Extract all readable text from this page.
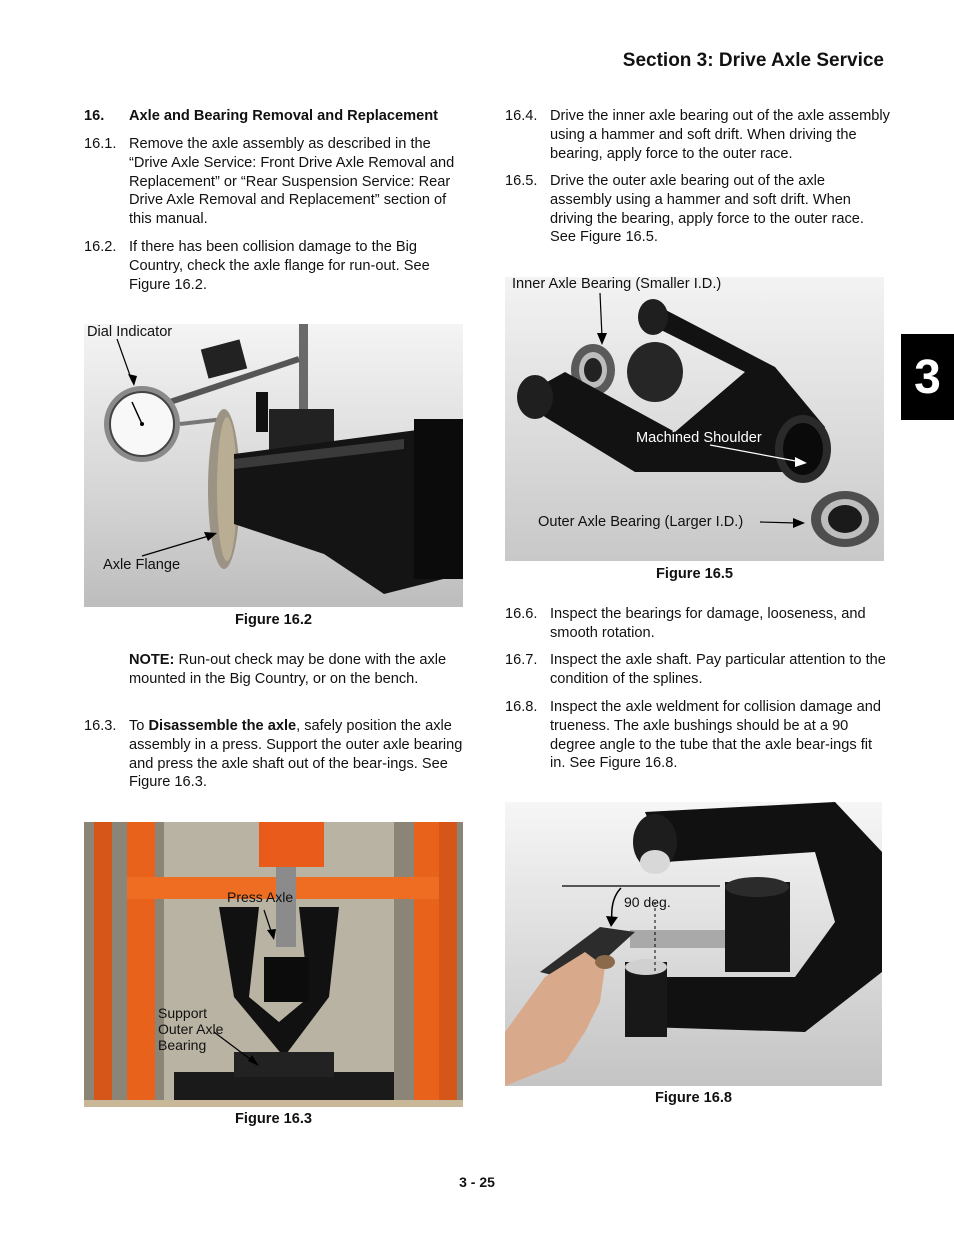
Section 3: Drive Axle Service
3
16. Axle and Bearing Removal and Replacement
16.1. Remove the axle assembly as described in the “Drive Axle Service: Front Drive Axle Removal and Replacement” or “Rear Suspension Service: Rear Drive Axle Removal and Replacement” section of this manual.
16.2. If there has been collision damage to the Big Country, check the axle flange for run-out. See Figure 16.2.
Dial Indicator
Axle Flange
Figure 16.2
NOTE: Run-out check may be done with the axle mounted in the Big Country, or on the bench.
16.3. To Disassemble the axle, safely position the axle assembly in a press. Support the outer axle bearing and press the axle shaft out of the bear-ings. See Figure 16.3.
Press Axle
Support
Outer Axle
Bearing
Figure 16.3
16.4. Drive the inner axle bearing out of the axle assembly using a hammer and soft drift. When driving the bearing, apply force to the outer race.
16.5. Drive the outer axle bearing out of the axle assembly using a hammer and soft drift. When driving the bearing, apply force to the outer race. See Figure 16.5.
Inner Axle Bearing (Smaller I.D.)
Machined Shoulder
Outer Axle Bearing (Larger I.D.)
Figure 16.5
16.6. Inspect the bearings for damage, looseness, and smooth rotation.
16.7. Inspect the axle shaft. Pay particular attention to the condition of the splines.
16.8. Inspect the axle weldment for collision damage and trueness. The axle bushings should be at a 90 degree angle to the tube that the axle bear-ings fit in. See Figure 16.8.
90 deg.
Figure 16.8
3 - 25
